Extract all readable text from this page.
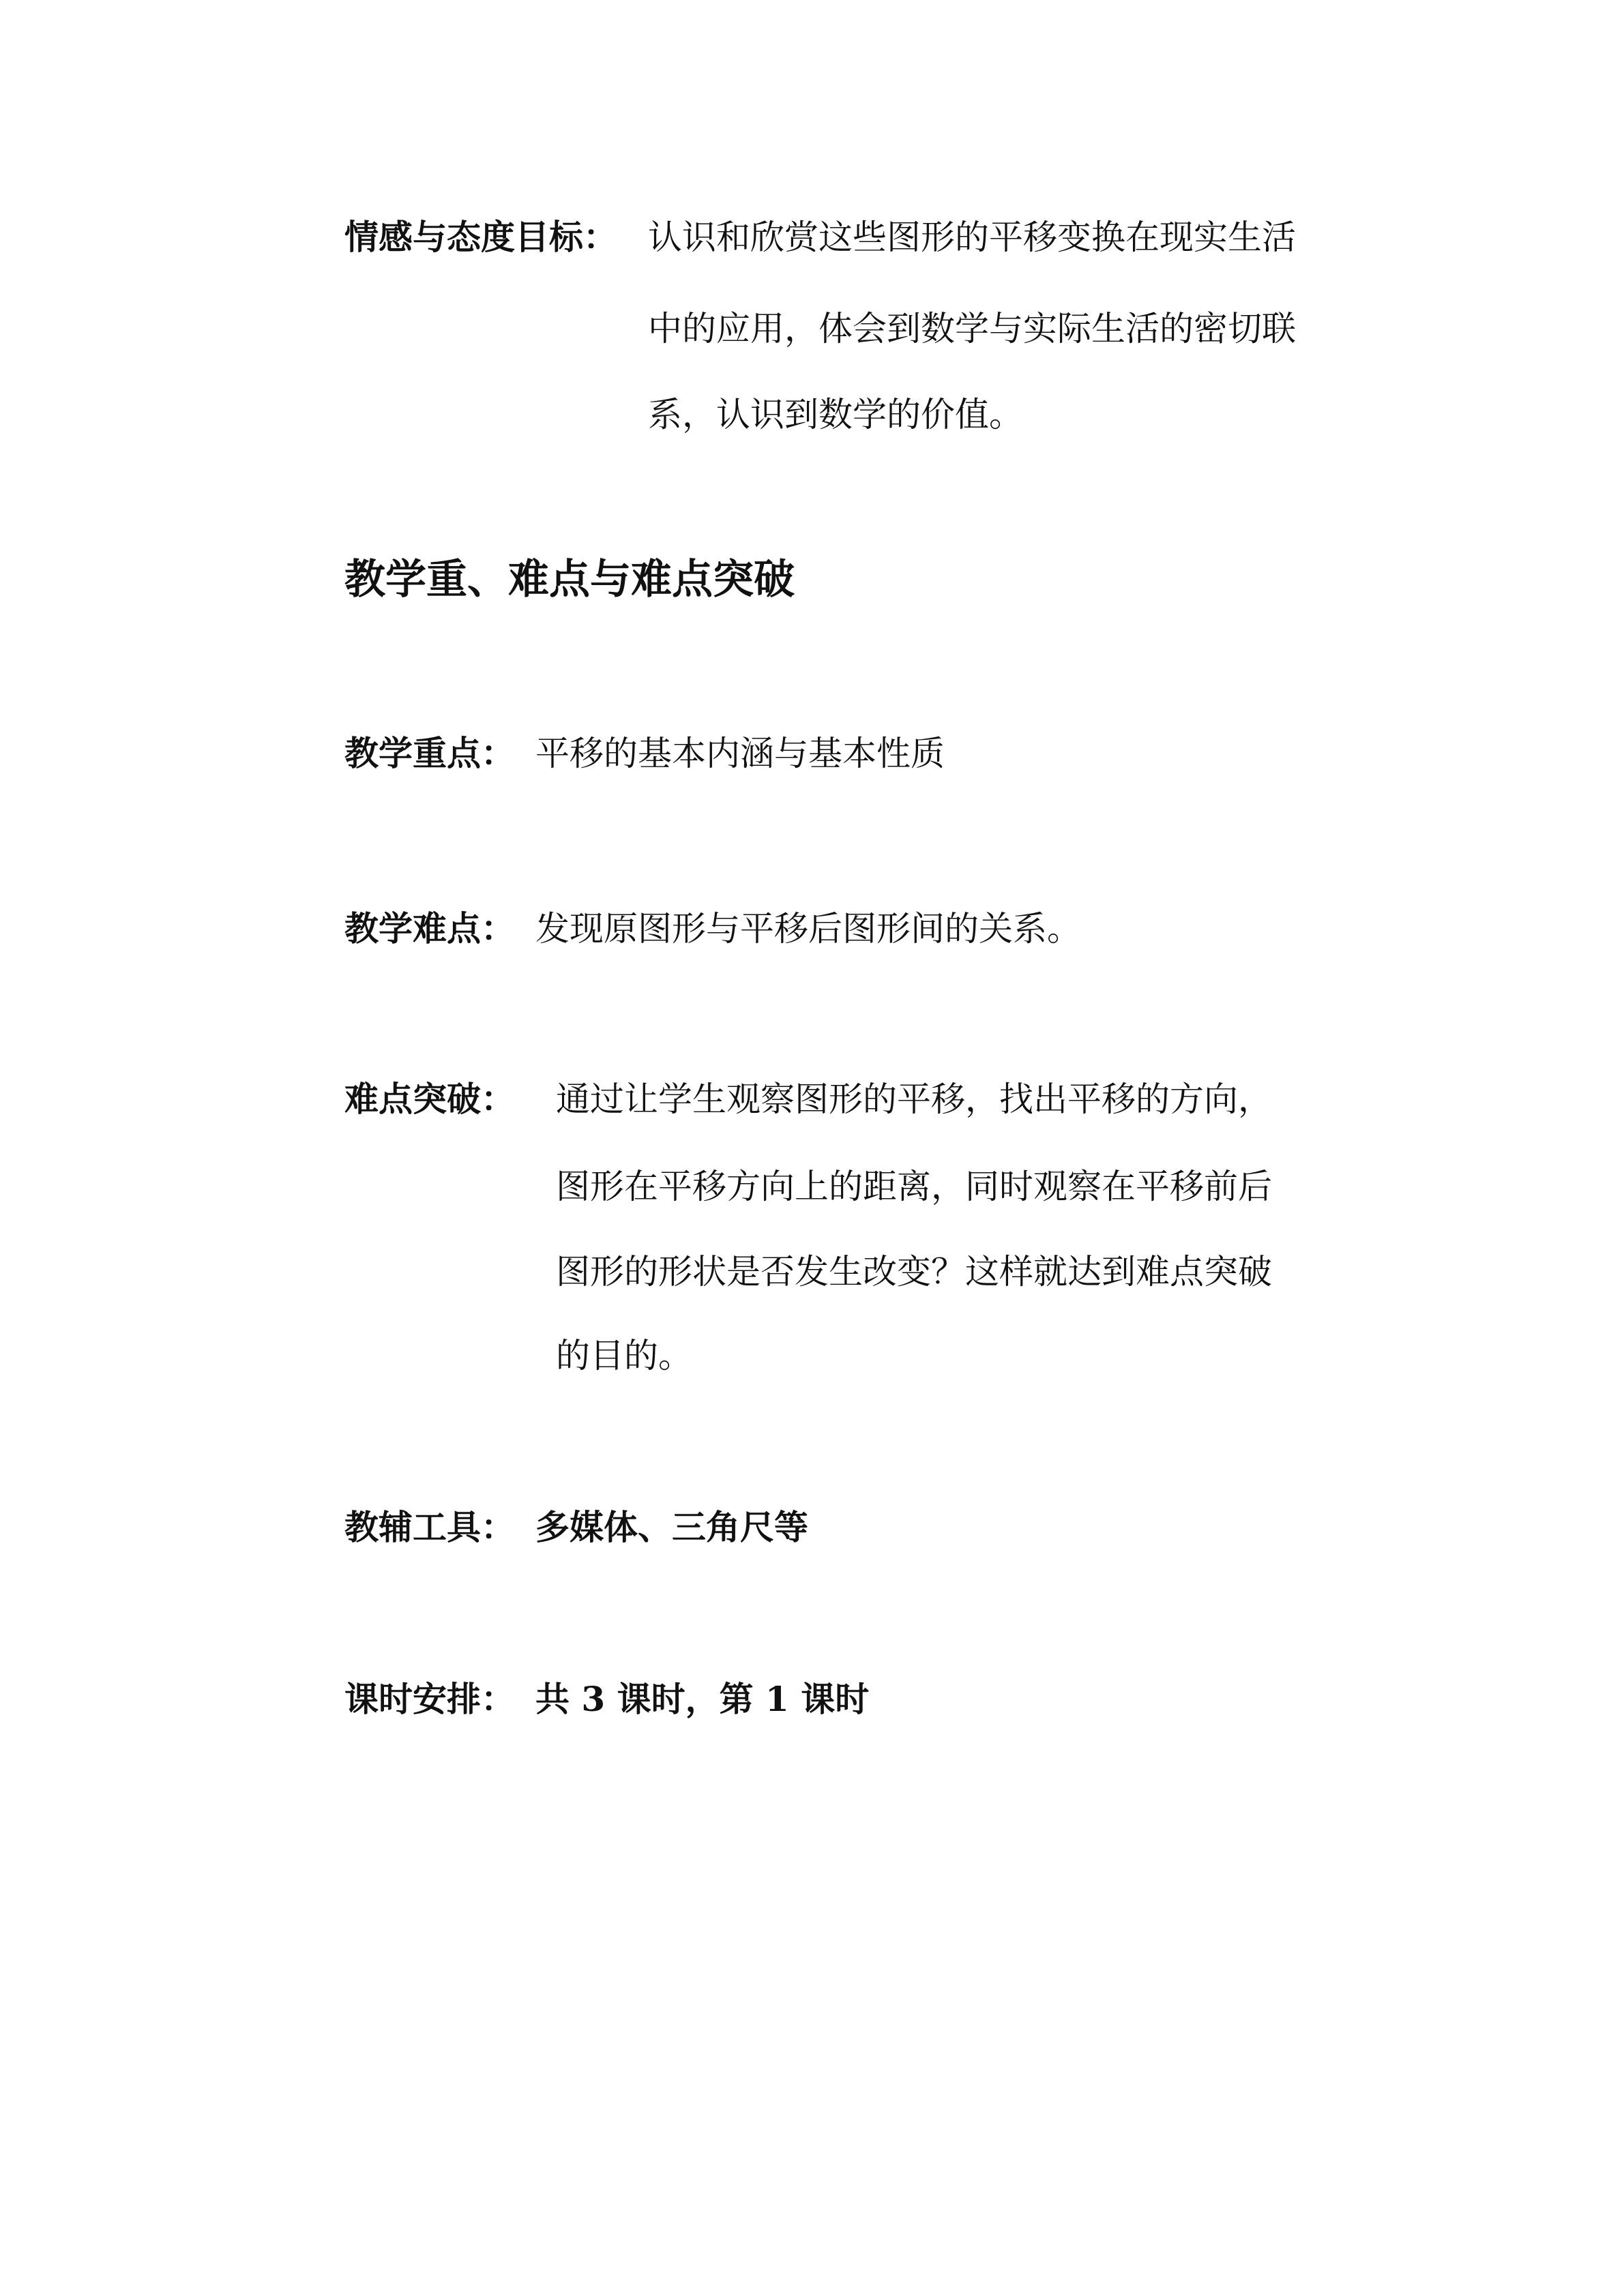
情感与态度目标： 认识和欣赏这些图形的平移变换在现实生活
中的应用，体会到数学与实际生活的密切联
系，认识到数学的价值。
教学重、难点与难点突破
教学重点： 平移的基本内涵与基本性质
教学难点： 发现原图形与平移后图形间的关系。
难点突破： 通过让学生观察图形的平移，找出平移的方向，
图形在平移方向上的距离，同时观察在平移前后
图形的形状是否发生改变？这样就达到难点突破
的目的。
教辅工具： 多媒体、三角尺等
课时安排： 共 3 课时，第 1 课时
